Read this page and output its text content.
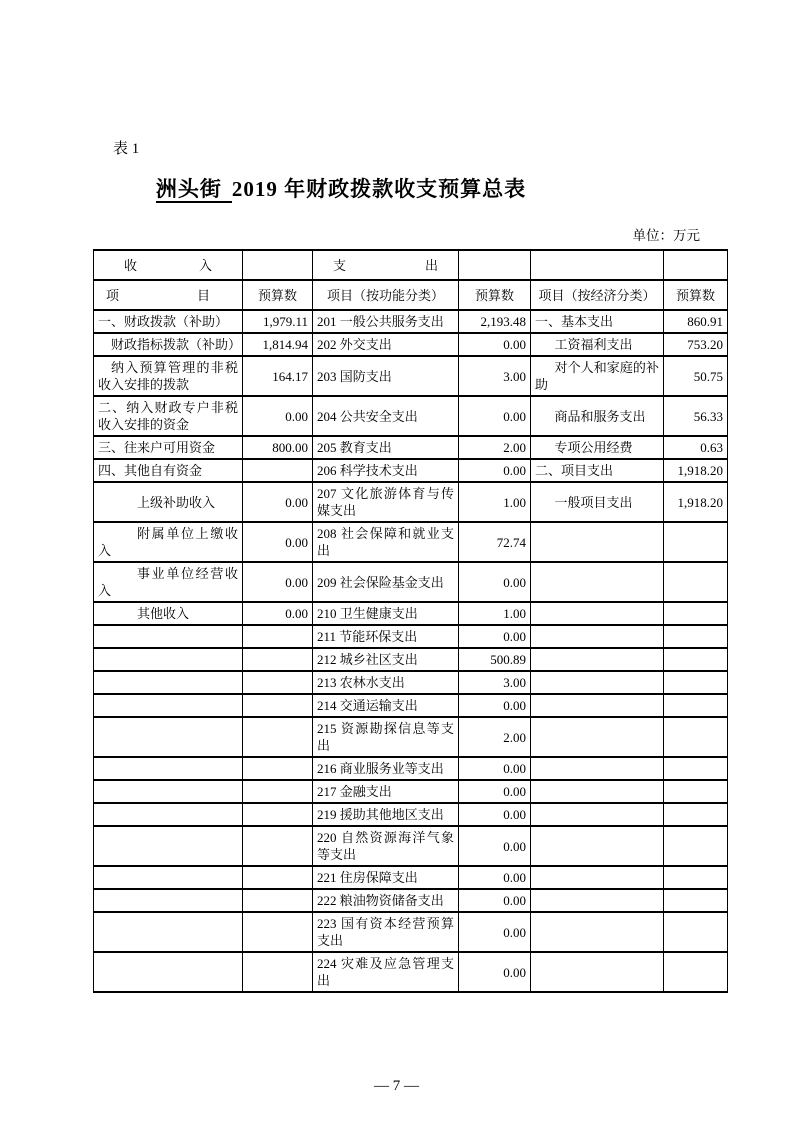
表 1
洲头街 2019 年财政拨款收支预算总表
单位：万元
收 入		支 出			

项 目	预算数	项目（按功能分类）	预算数	项目（按经济分类）	预算数
一、财政拨款（补助）	1,979.11	201 一般公共服务支出	2,193.48	一、基本支出	860.91
财政指标拨款（补助）	1,814.94	202 外交支出	0.00	工资福利支出	753.20
纳入预算管理的非税收入安排的拨款	164.17	203 国防支出	3.00	对个人和家庭的补助	50.75
二、纳入财政专户非税收入安排的资金	0.00	204 公共安全支出	0.00	商品和服务支出	56.33
三、往来户可用资金	800.00	205 教育支出	2.00	专项公用经费	0.63
四、其他自有资金		206 科学技术支出	0.00	二、项目支出	1,918.20
上级补助收入	0.00	207 文化旅游体育与传媒支出	1.00	一般项目支出	1,918.20
附属单位上缴收入	0.00	208 社会保障和就业支出	72.74		
事业单位经营收入	0.00	209 社会保险基金支出	0.00		
其他收入	0.00	210 卫生健康支出	1.00		
		211 节能环保支出	0.00		
		212 城乡社区支出	500.89		
		213 农林水支出	3.00		
		214 交通运输支出	0.00		
		215 资源勘探信息等支出	2.00		
		216 商业服务业等支出	0.00		
		217 金融支出	0.00		
		219 援助其他地区支出	0.00		
		220 自然资源海洋气象等支出	0.00		
		221 住房保障支出	0.00		
		222 粮油物资储备支出	0.00		
		223 国有资本经营预算支出	0.00		
		224 灾难及应急管理支出	0.00		
— 7 —
